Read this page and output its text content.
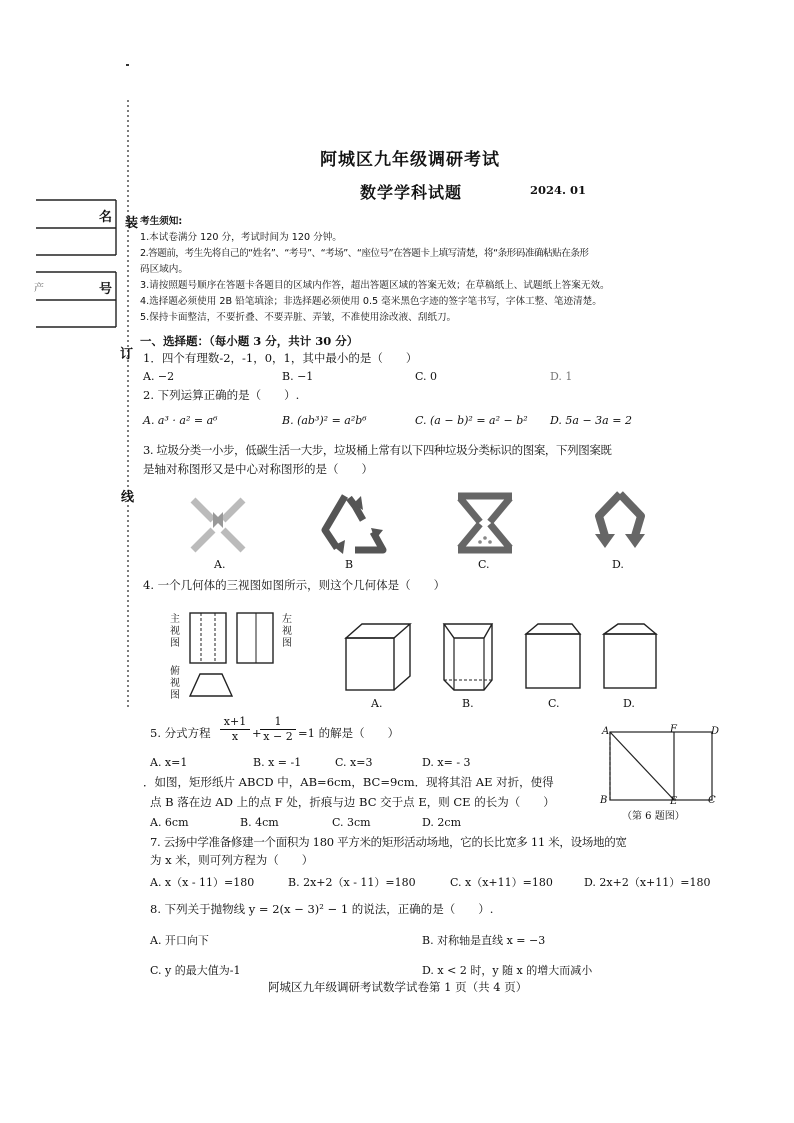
名
产	号
装
订
线
阿城区九年级调研考试
数学学科试题	2024. 01
考生须知:
1.本试卷满分 120 分，考试时间为 120 分钟。
2.答题前，考生先将自己的“姓名”、“考号”、“考场”、“座位号”在答题卡上填写清楚，将“条形码准确粘贴在条形
码区域内。
3.请按照题号顺序在答题卡各题目的区域内作答，超出答题区域的答案无效；在草稿纸上、试题纸上答案无效。
4.选择题必须使用 2B 铅笔填涂；非选择题必须使用 0.5 毫米黑色字迹的签字笔书写，字体工整、笔迹清楚。
5.保持卡面整洁，不要折叠、不要弄脏、弄皱，不准使用涂改液、刮纸刀。
一、选择题：（每小题 3 分，共计 30 分）
1．四个有理数-2，-1，0，1，其中最小的是（　　）
A. −2	B. −1	C. 0	D. 1
2. 下列运算正确的是（　　）.
A. a³ · a² = a⁶	B. (ab³)² = a²b⁶	C. (a − b)² = a² − b² D. 5a − 3a = 2
3. 垃圾分类一小步，低碳生活一大步，垃圾桶上常有以下四种垃圾分类标识的图案，下列图案既
是轴对称图形又是中心对称图形的是（　　）
A.	B	C.	D.
4. 一个几何体的三视图如图所示，则这个几何体是（　　）
主视图
左视图
俯视图
A.	B.	C.	D.
5. 分式方程 $\frac{x+1}{x}$ +
$\frac{1}{x - 2} =1$ 的解是（　　）
A. x=1	B. x = -1	C. x=3	D. x= - 3
A	F	D
B	E	C
（第 6 题图）
．如图，矩形纸片 ABCD 中，AB=6cm，BC=9cm．现将其沿 AE 对折，使得
点 B 落在边 AD 上的点 F 处，折痕与边 BC 交于点 E，则 CE 的长为（　　）
A. 6cm	B. 4cm	C. 3cm	D. 2cm
7. 云扬中学准备修建一个面积为 180 平方米的矩形活动场地，它的长比宽多 11 米，设场地的宽
为 x 米，则可列方程为（　　）
A. x（x - 11）=180	B. 2x+2（x - 11）=180	C. x（x+11）=180	D. 2x+2（x+11）=180
8. 下列关于抛物线 y = 2(x − 3)² − 1 的说法，正确的是（　　）.
A. 开口向下	B. 对称轴是直线 x = −3
C. y 的最大值为-1	D. x < 2 时，y 随 x 的增大而减小
阿城区九年级调研考试数学试卷第 1 页（共 4 页）
